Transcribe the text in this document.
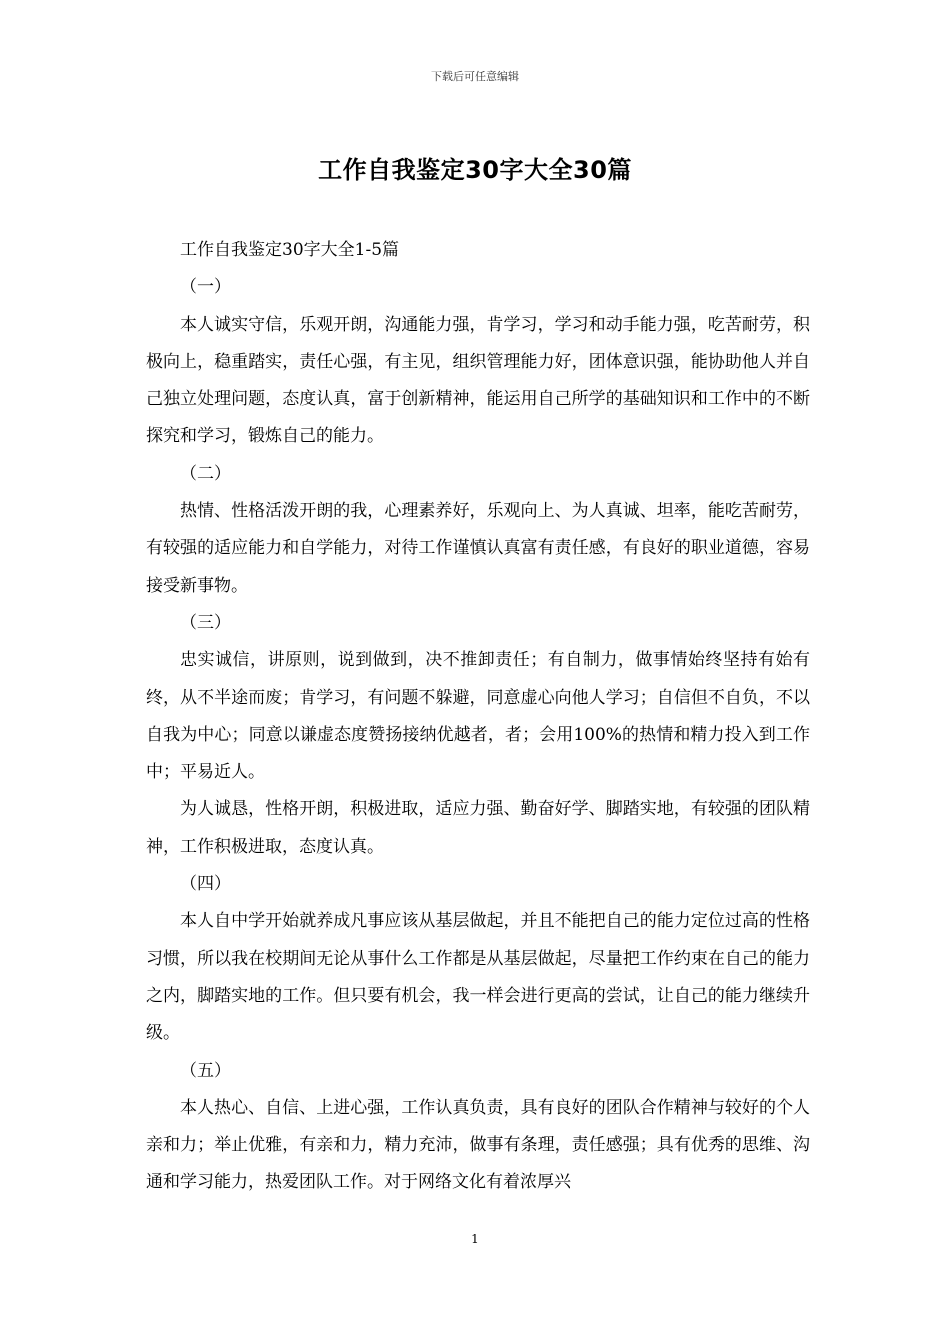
下载后可任意编辑
工作自我鉴定30字大全30篇

工作自我鉴定30字大全1-5篇

（一）

本人诚实守信，乐观开朗，沟通能力强，肯学习，学习和动手能力强，吃苦耐劳，积极向上，稳重踏实，责任心强，有主见，组织管理能力好，团体意识强，能协助他人并自己独立处理问题，态度认真，富于创新精神，能运用自己所学的基础知识和工作中的不断探究和学习，锻炼自己的能力。

（二）

热情、性格活泼开朗的我，心理素养好，乐观向上、为人真诚、坦率，能吃苦耐劳，有较强的适应能力和自学能力，对待工作谨慎认真富有责任感，有良好的职业道德，容易接受新事物。

（三）

忠实诚信，讲原则，说到做到，决不推卸责任；有自制力，做事情始终坚持有始有终，从不半途而废；肯学习，有问题不躲避，同意虚心向他人学习；自信但不自负，不以自我为中心；同意以谦虚态度赞扬接纳优越者，者；会用100%的热情和精力投入到工作中；平易近人。

为人诚恳，性格开朗，积极进取，适应力强、勤奋好学、脚踏实地，有较强的团队精神，工作积极进取，态度认真。

（四）

本人自中学开始就养成凡事应该从基层做起，并且不能把自己的能力定位过高的性格习惯，所以我在校期间无论从事什么工作都是从基层做起，尽量把工作约束在自己的能力之内，脚踏实地的工作。但只要有机会，我一样会进行更高的尝试，让自己的能力继续升级。

（五）

本人热心、自信、上进心强，工作认真负责，具有良好的团队合作精神与较好的个人亲和力；举止优雅，有亲和力，精力充沛，做事有条理，责任感强；具有优秀的思维、沟通和学习能力，热爱团队工作。对于网络文化有着浓厚兴

1
